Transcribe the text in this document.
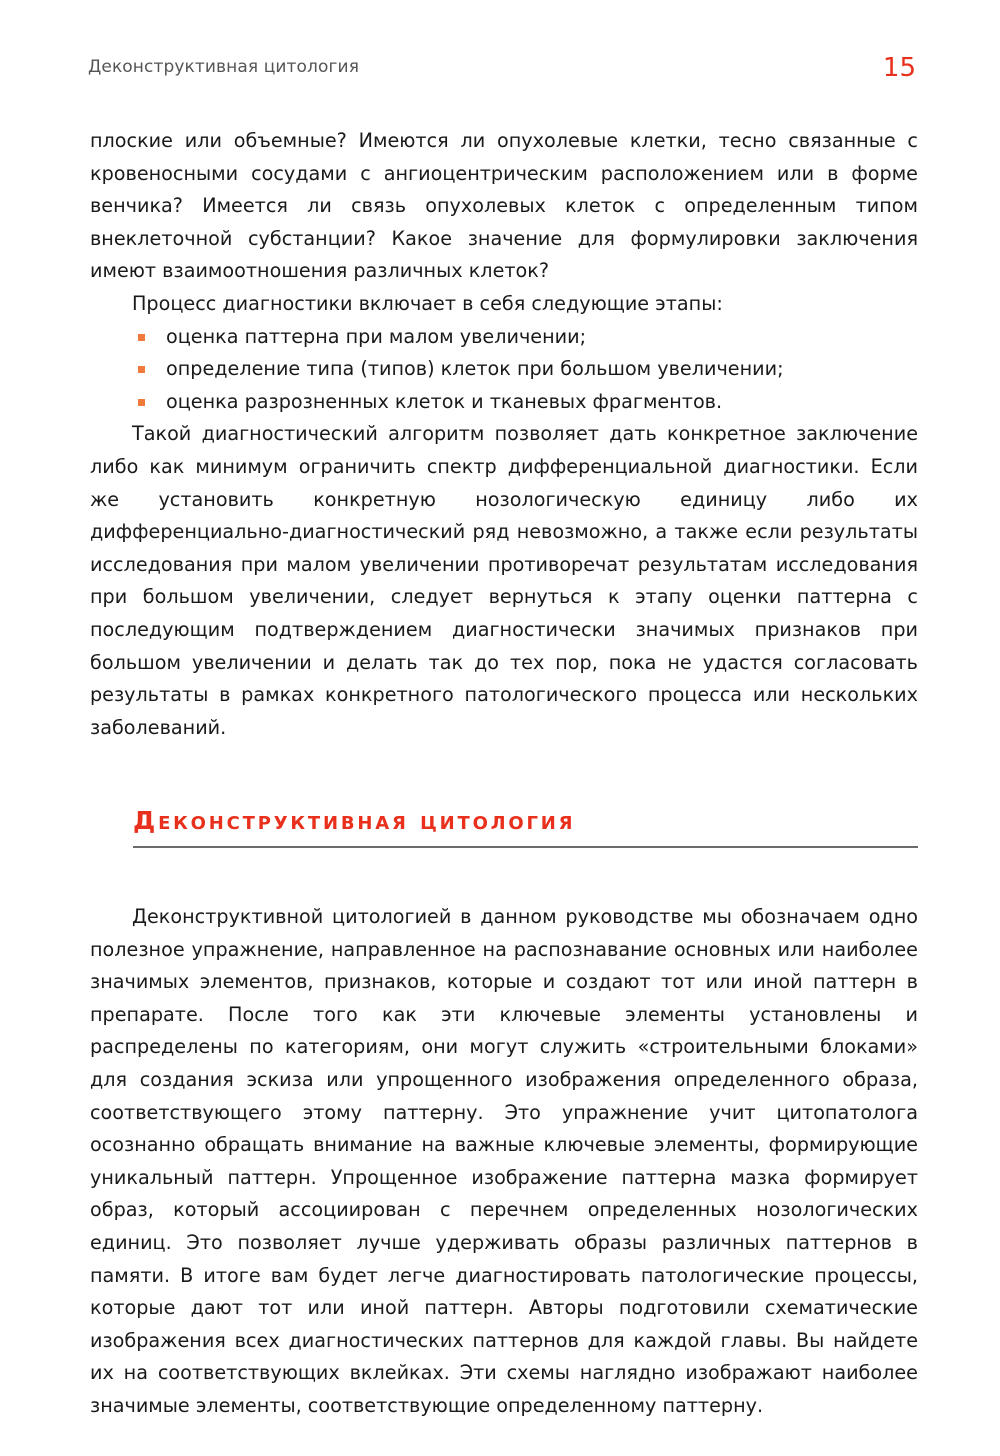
Деконструктивная цитология	15

плоские или объемные? Имеются ли опухолевые клетки, тесно связанные с кровеносными сосудами с ангиоцентрическим расположением или в форме венчика? Имеется ли связь опухолевых клеток с определенным типом внеклеточной субстанции? Какое значение для формулировки заключения имеют взаимоотношения различных клеток?

Процесс диагностики включает в себя следующие этапы:

оценка паттерна при малом увеличении;
определение типа (типов) клеток при большом увеличении;
оценка разрозненных клеток и тканевых фрагментов.

Такой диагностический алгоритм позволяет дать конкретное заключение либо как минимум ограничить спектр дифференциальной диагностики. Если же установить конкретную нозологическую единицу либо их дифференциально-диагностический ряд невозможно, а также если результаты исследования при малом увеличении противоречат результатам исследования при большом увеличении, следует вернуться к этапу оценки паттерна с последующим подтверждением диагностически значимых признаков при большом увеличении и делать так до тех пор, пока не удастся согласовать результаты в рамках конкретного патологического процесса или нескольких заболеваний.

Деконструктивная цитология

Деконструктивной цитологией в данном руководстве мы обозначаем одно полезное упражнение, направленное на распознавание основных или наиболее значимых элементов, признаков, которые и создают тот или иной паттерн в препарате. После того как эти ключевые элементы установлены и распределены по категориям, они могут служить «строительными блоками» для создания эскиза или упрощенного изображения определенного образа, соответствующего этому паттерну. Это упражнение учит цитопатолога осознанно обращать внимание на важные ключевые элементы, формирующие уникальный паттерн. Упрощенное изображение паттерна мазка формирует образ, который ассоциирован с перечнем определенных нозологических единиц. Это позволяет лучше удерживать образы различных паттернов в памяти. В итоге вам будет легче диагностировать патологические процессы, которые дают тот или иной паттерн. Авторы подготовили схематические изображения всех диагностических паттернов для каждой главы. Вы найдете их на соответствующих вклейках. Эти схемы наглядно изображают наиболее значимые элементы, соответствующие определенному паттерну.
